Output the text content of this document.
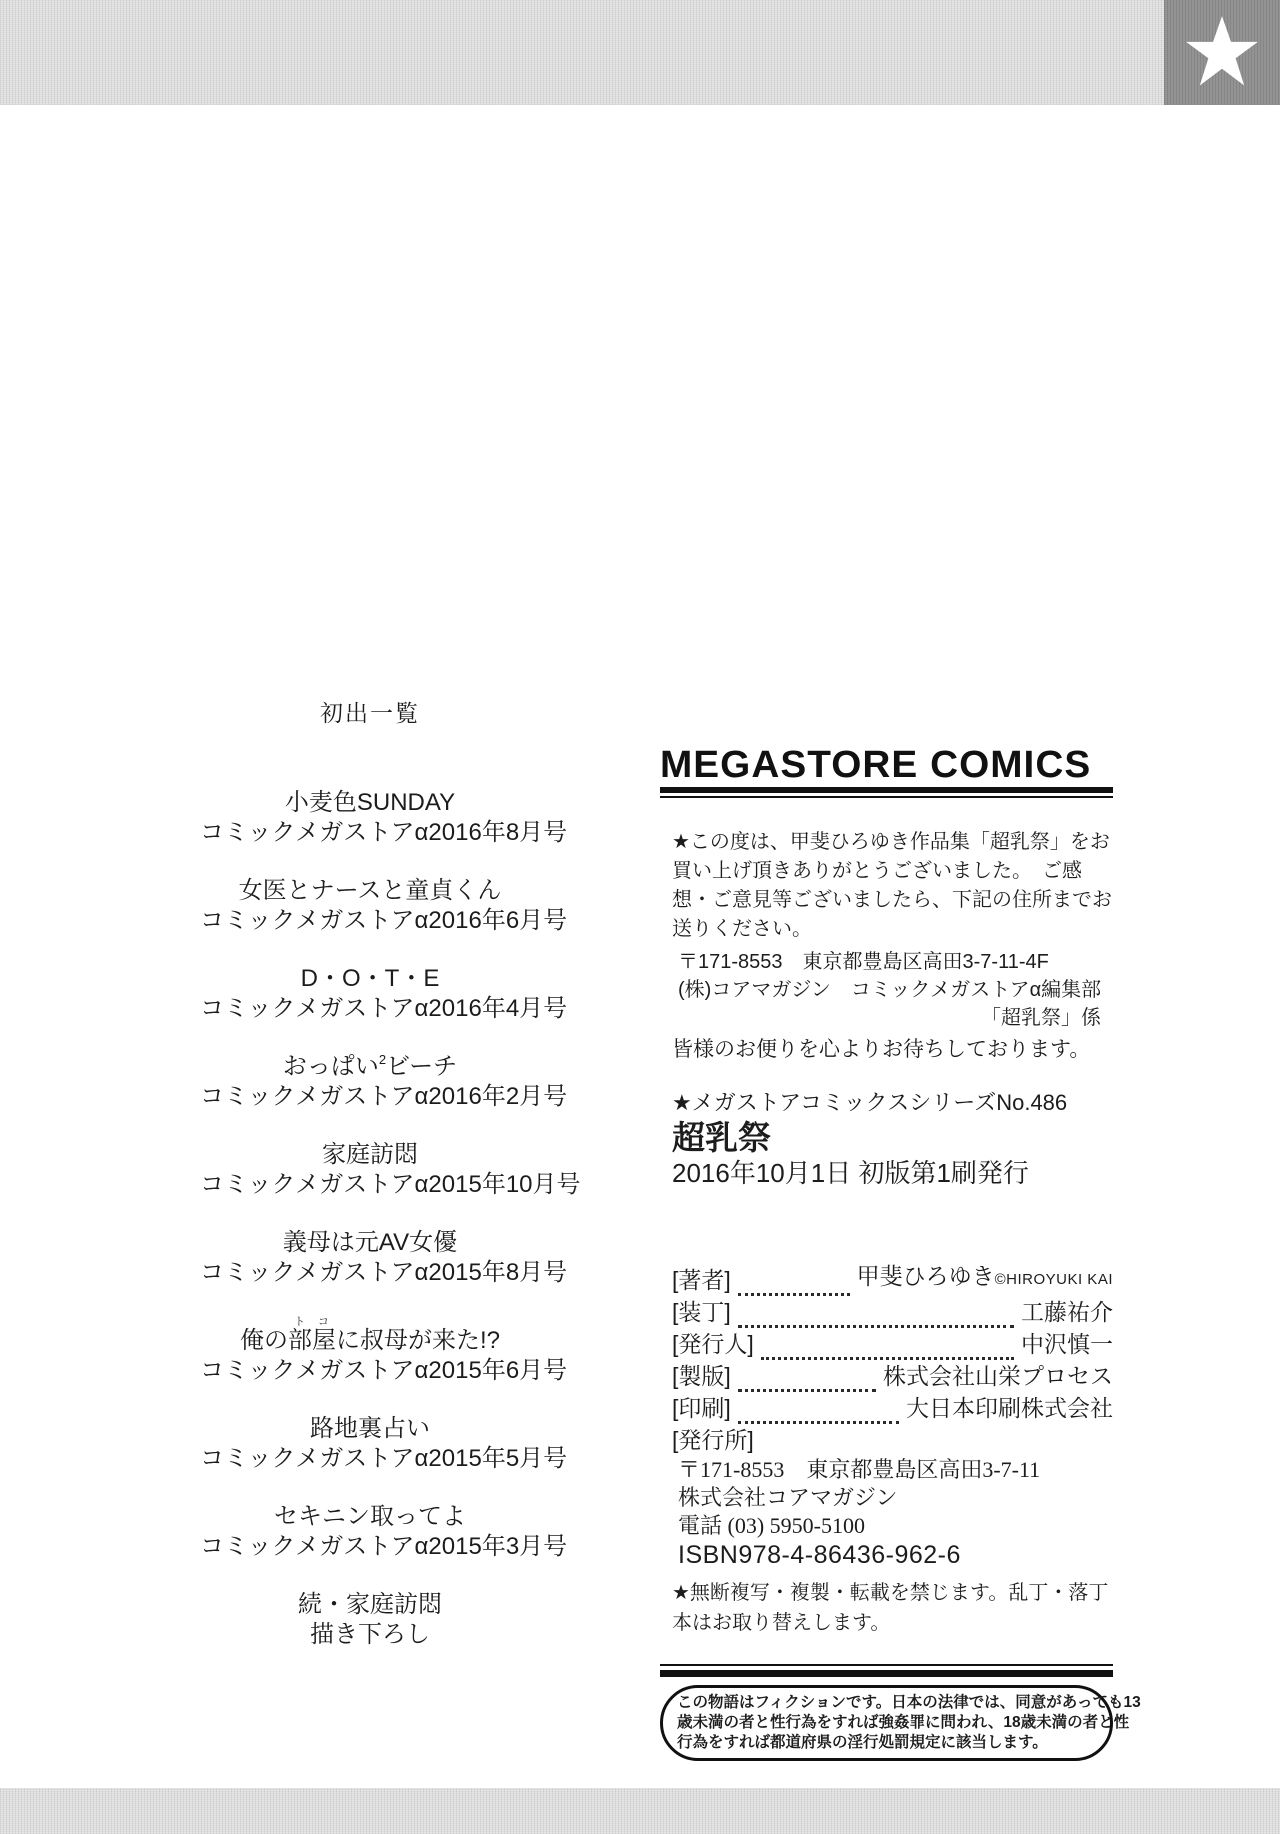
初出一覧
小麦色SUNDAY
コミックメガストアα2016年 8月号
女医とナースと童貞くん
コミックメガストアα2016年 6月号
D・O・T・E
コミックメガストアα2016年 4月号
おっぱい$^2$ビーチ
コミックメガストアα2016年 2月号
家庭訪悶
コミックメガストアα2015年 10月号
義母は元AV女優
コミックメガストアα2015年 8月号
俺の部屋トコに叔母が来た!?
コミックメガストアα2015年 6月号
路地裏占い
コミックメガストアα2015年 5月号
セキニン取ってよ
コミックメガストアα2015年 3月号
続・家庭訪悶
描き下ろし
MEGASTORE COMICS
★この度は、甲斐ひろゆき作品集「超乳祭」をお
買い上げ頂きありがとうございました。　ご感
想・ご意見等ございましたら、下記の住所までお
送りください。
〒171-8553　東京都豊島区高田3-7-11-4F
(株)コアマガジン　コミックメガストアα編集部
「超乳祭」係
皆様のお便りを心よりお待ちしております。
★メガストアコミックスシリーズNo.486
超乳祭
2016年10月1日 初版第1刷発行
[著者]	甲斐ひろゆき©HIROYUKI KAI
[装丁]	工藤祐介
[発行人]	中沢慎一
[製版]	株式会社山栄プロセス
[印刷]	大日本印刷株式会社
[発行所]
〒171-8553　東京都豊島区高田3-7-11
株式会社コアマガジン
電話 (03) 5950-5100
ISBN978-4-86436-962-6
★無断複写・複製・転載を禁じます。乱丁・落丁
本はお取り替えします。
この物語はフィクションです。日本の法律では、同意があっても13
歳未満の者と性行為をすれば強姦罪に問われ、18歳未満の者と性
行為をすれば都道府県の淫行処罰規定に該当します。
